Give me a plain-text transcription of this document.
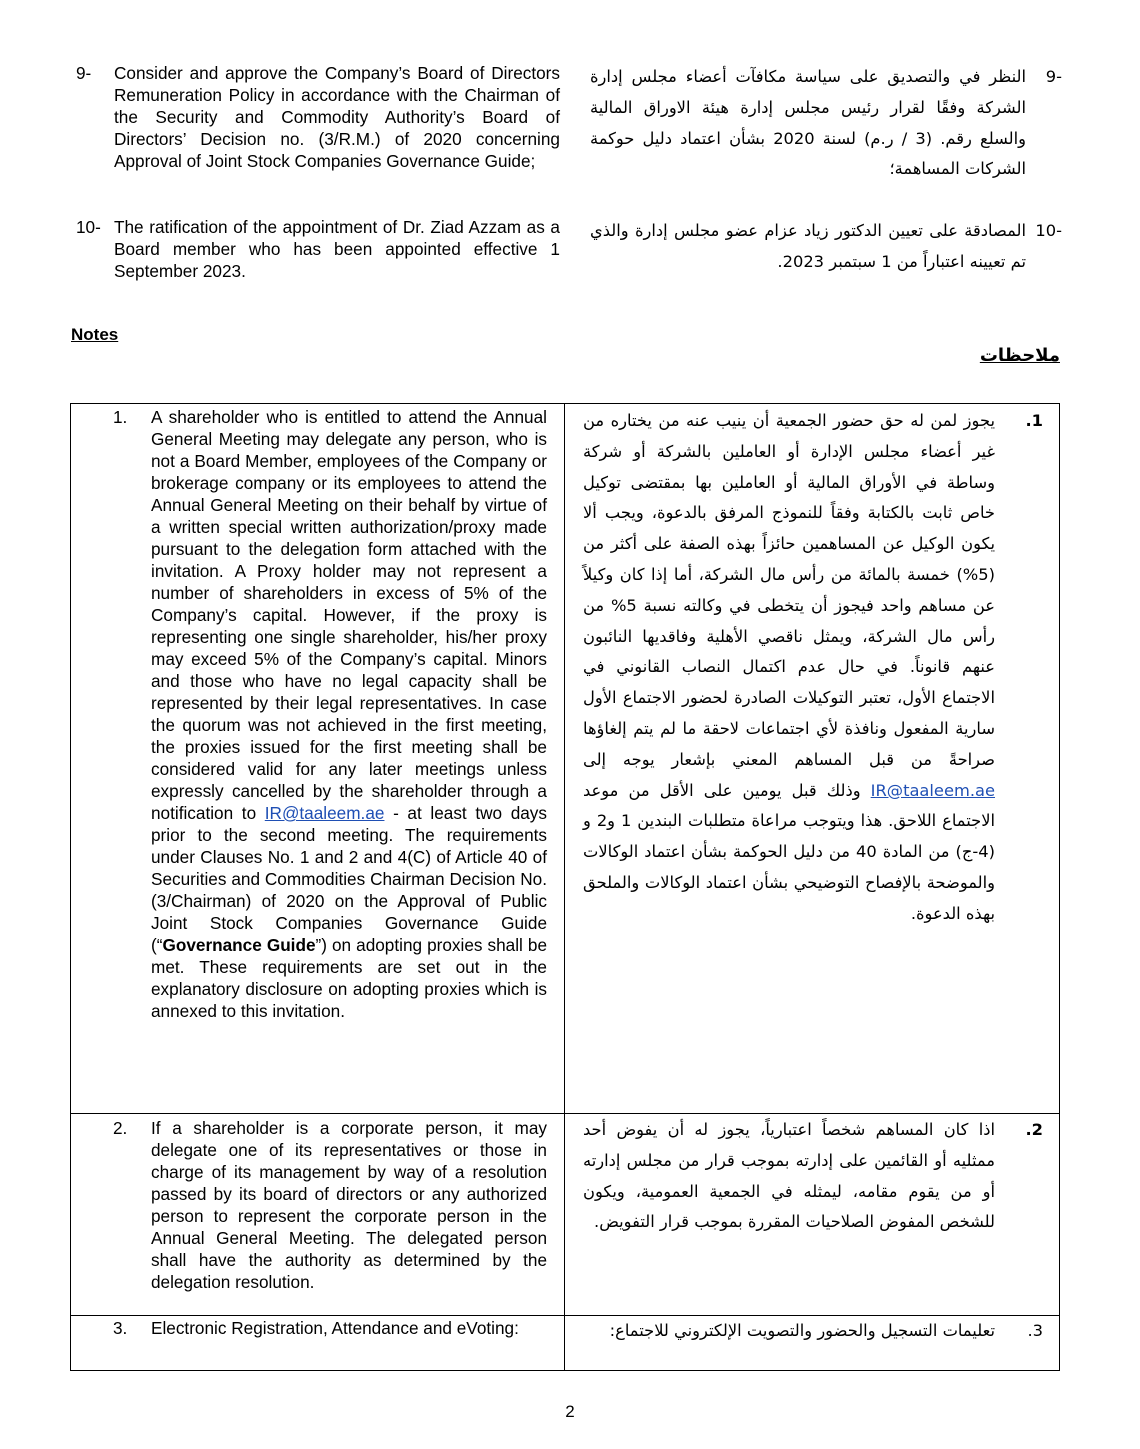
9- Consider and approve the Company’s Board of Directors Remuneration Policy in accordance with the Chairman of the Security and Commodity Authority’s Board of Directors’ Decision no. (3/R.M.) of 2020 concerning Approval of Joint Stock Companies Governance Guide;
9-
النظر في والتصديق على سياسة مكافآت أعضاء مجلس إدارة الشركة وفقًا لقرار رئيس مجلس إدارة هيئة الاوراق المالية والسلع رقم. (3 / ر.م) لسنة 2020 بشأن اعتماد دليل حوكمة الشركات المساهمة؛
10- The ratification of the appointment of Dr. Ziad Azzam as a Board member who has been appointed effective 1 September 2023.
10-
المصادقة على تعيين الدكتور زياد عزام عضو مجلس إدارة والذي تم تعيينه اعتباراً من 1 سبتمبر 2023.
Notes
ملاحظات
1. A shareholder who is entitled to attend the Annual General Meeting may delegate any person, who is not a Board Member, employees of the Company or brokerage company or its employees to attend the Annual General Meeting on their behalf by virtue of a written special written authorization/proxy made pursuant to the delegation form attached with the invitation. A Proxy holder may not represent a number of shareholders in excess of 5% of the Company’s capital. However, if the proxy is representing one single shareholder, his/her proxy may exceed 5% of the Company’s capital. Minors and those who have no legal capacity shall be represented by their legal representatives. In case the quorum was not achieved in the first meeting, the proxies issued for the first meeting shall be considered valid for any later meetings unless expressly cancelled by the shareholder through a notification to IR@taaleem.ae - at least two days prior to the second meeting. The requirements under Clauses No. 1 and 2 and 4(C) of Article 40 of Securities and Commodities Chairman Decision No. (3/Chairman) of 2020 on the Approval of Public Joint Stock Companies Governance Guide (“Governance Guide”) on adopting proxies shall be met. These requirements are set out in the explanatory disclosure on adopting proxies which is annexed to this invitation.
.1
يجوز لمن له حق حضور الجمعية أن ينيب عنه من يختاره من غير أعضاء مجلس الإدارة أو العاملين بالشركة أو شركة وساطة في الأوراق المالية أو العاملين بها بمقتضى توكيل خاص ثابت بالكتابة وفقاً للنموذج المرفق بالدعوة، ويجب ألا يكون الوكيل عن المساهمين حائزاً بهذه الصفة على أكثر من (5%) خمسة بالمائة من رأس مال الشركة، أما إذا كان وكيلاً عن مساهم واحد فيجوز أن يتخطى في وكالته نسبة 5% من رأس مال الشركة، ويمثل ناقصي الأهلية وفاقديها النائبون عنهم قانوناً. في حال عدم اكتمال النصاب القانوني في الاجتماع الأول، تعتبر التوكيلات الصادرة لحضور الاجتماع الأول سارية المفعول ونافذة لأي اجتماعات لاحقة ما لم يتم إلغاؤها صراحةً من قبل المساهم المعني بإشعار يوجه إلى IR@taaleem.ae وذلك قبل يومين على الأقل من موعد الاجتماع اللاحق. هذا ويتوجب مراعاة متطلبات البندين 1 و2 و (4-ج) من المادة 40 من دليل الحوكمة بشأن اعتماد الوكالات والموضحة بالإفصاح التوضيحي بشأن اعتماد الوكالات والملحق بهذه الدعوة.
2. If a shareholder is a corporate person, it may delegate one of its representatives or those in charge of its management by way of a resolution passed by its board of directors or any authorized person to represent the corporate person in the Annual General Meeting. The delegated person shall have the authority as determined by the delegation resolution.
.2
اذا كان المساهم شخصاً اعتبارياً، يجوز له أن يفوض أحد ممثليه أو القائمين على إدارته بموجب قرار من مجلس إدارته أو من يقوم مقامه، ليمثله في الجمعية العمومية، ويكون للشخص المفوض الصلاحيات المقررة بموجب قرار التفويض.
3. Electronic Registration, Attendance and eVoting:	.3
تعليمات التسجيل والحضور والتصويت الإلكتروني للاجتماع:
2
